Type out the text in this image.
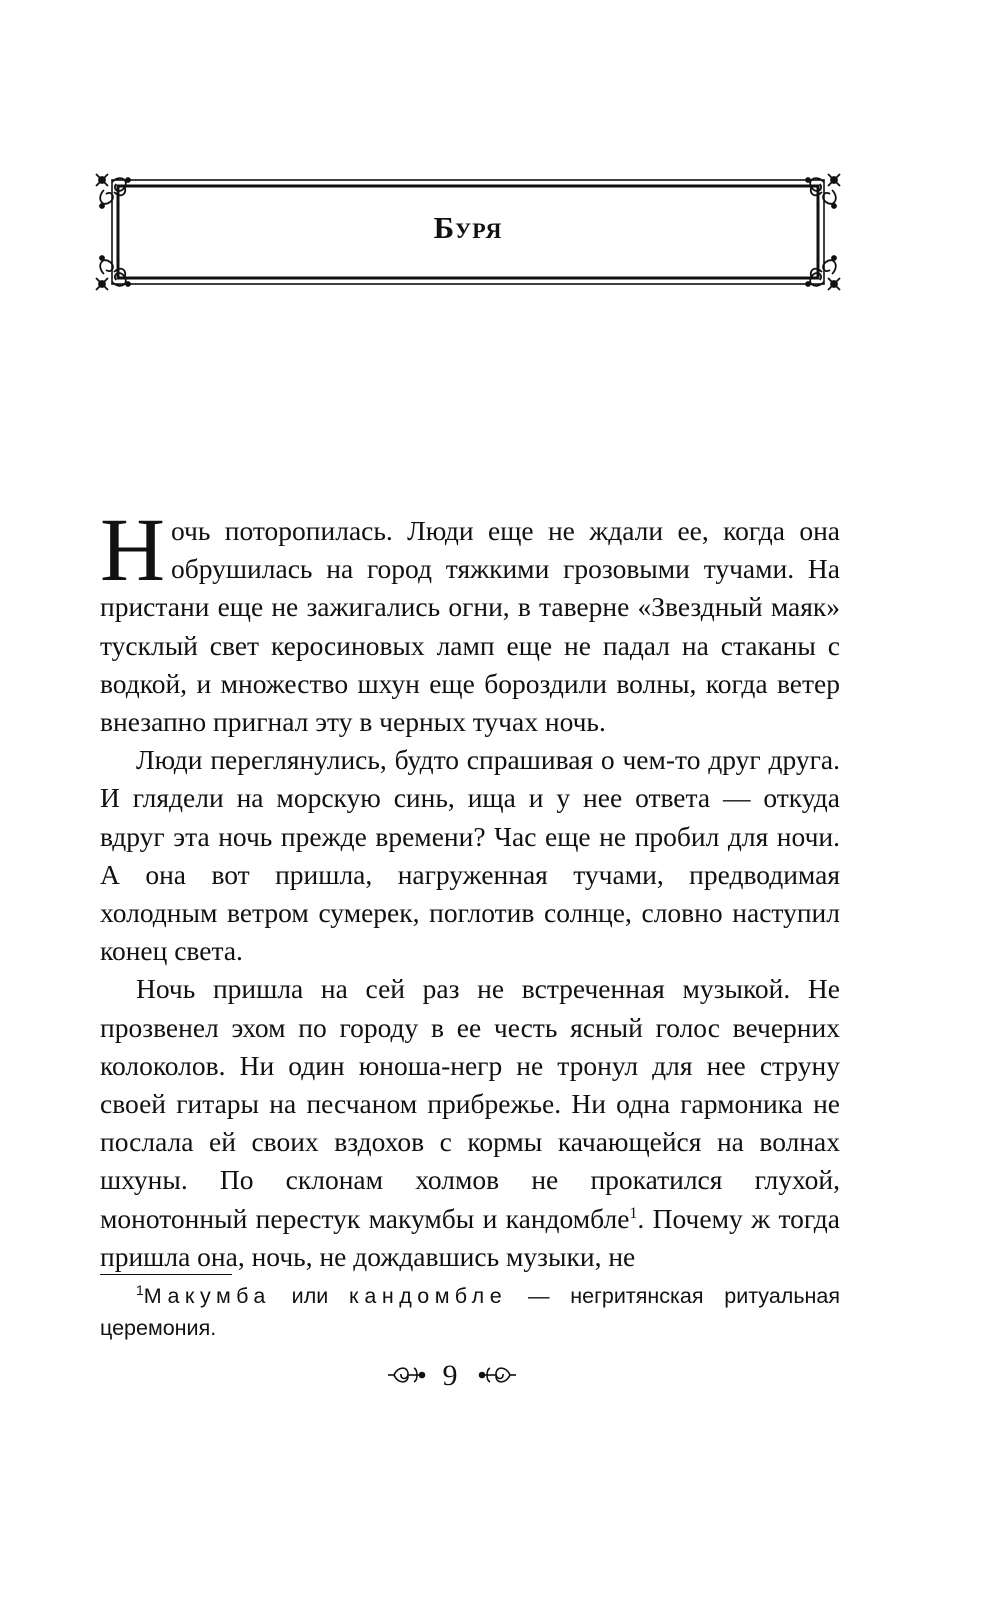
Буря

Ночь поторопилась. Люди еще не ждали ее, когда она обрушилась на город тяжкими грозовыми тучами. На пристани еще не зажигались огни, в таверне «Звездный маяк» тусклый свет керосиновых ламп еще не падал на стаканы с водкой, и множество шхун еще бороздили волны, когда ветер внезапно пригнал эту в черных тучах ночь.

Люди переглянулись, будто спрашивая о чем-то друг друга. И глядели на морскую синь, ища и у нее ответа — откуда вдруг эта ночь прежде времени? Час еще не пробил для ночи. А она вот пришла, нагруженная тучами, предводимая холодным ветром сумерек, поглотив солнце, словно наступил конец света.

Ночь пришла на сей раз не встреченная музыкой. Не прозвенел эхом по городу в ее честь ясный голос вечерних колоколов. Ни один юноша-негр не тронул для нее струну своей гитары на песчаном прибрежье. Ни одна гармоника не послала ей своих вздохов с кормы качающейся на волнах шхуны. По склонам холмов не прокатился глухой, монотонный перестук макумбы и кандомбле$^1$. Почему ж тогда пришла она, ночь, не дождавшись музыки, не

$^1$Макумба или кандомбле — негритянская ритуальная церемония.
9
